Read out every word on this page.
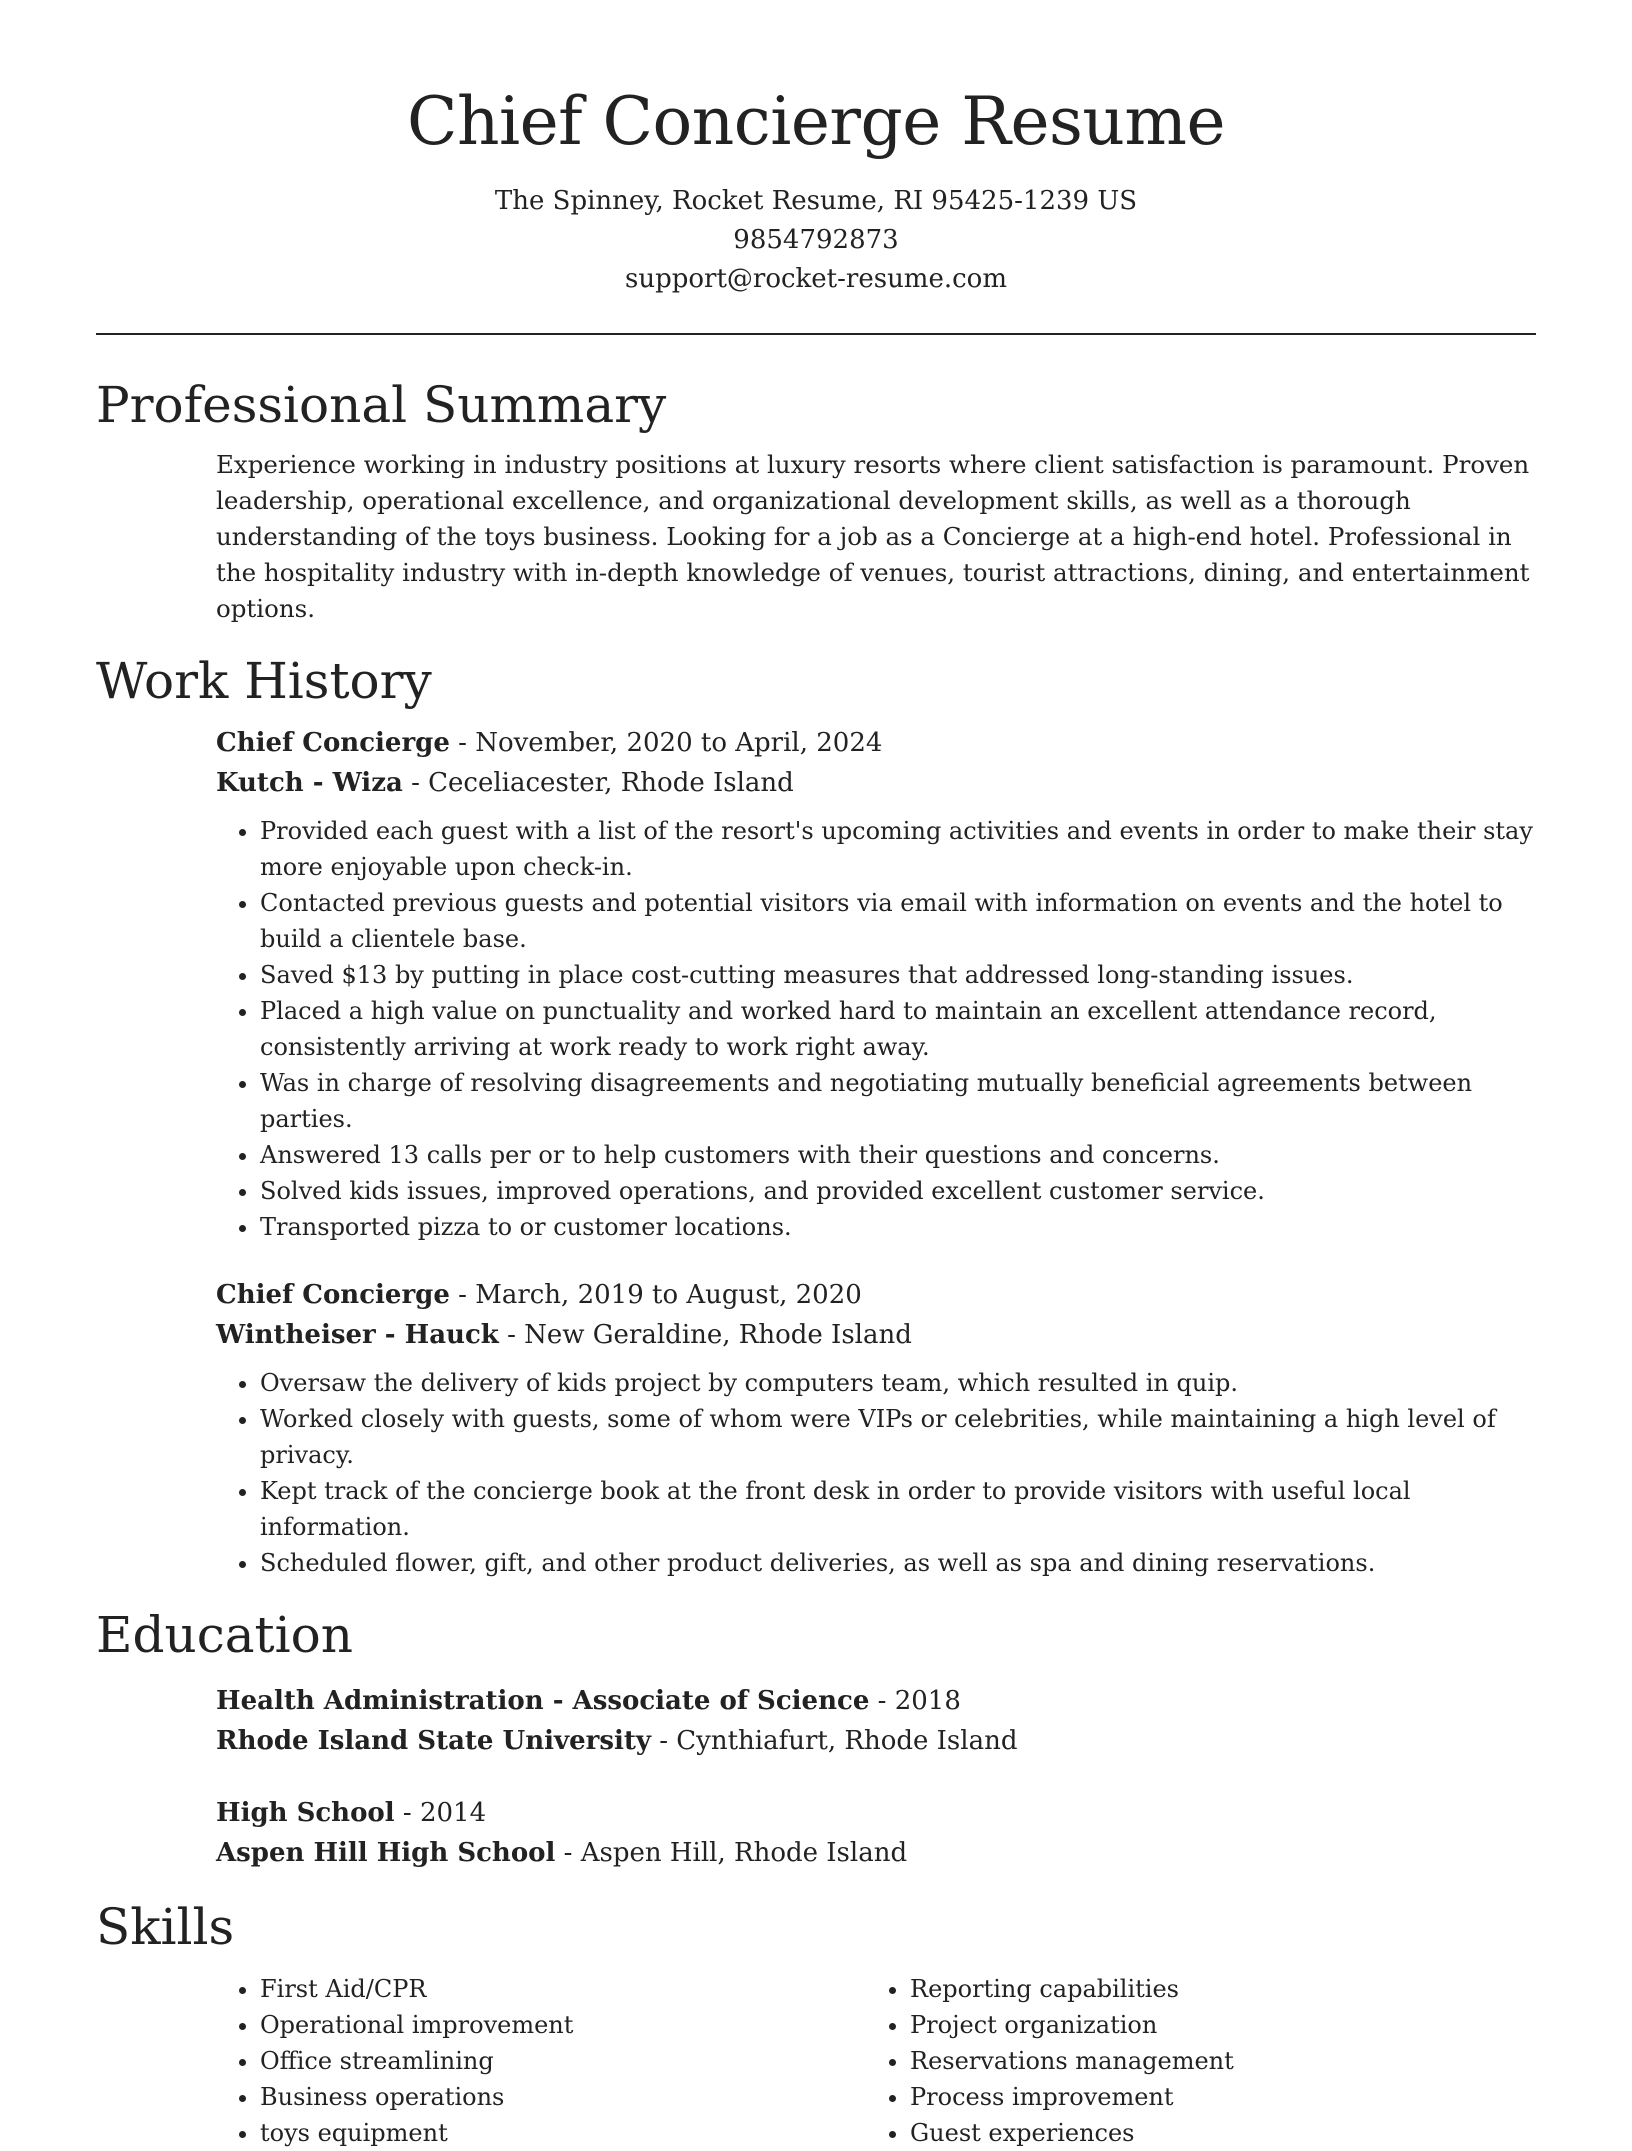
Chief Concierge Resume
The Spinney, Rocket Resume, RI 95425-1239 US
9854792873
support@rocket-resume.com
Professional Summary

Experience working in industry positions at luxury resorts where client satisfaction is paramount. Proven leadership, operational excellence, and organizational development skills, as well as a thorough understanding of the toys business. Looking for a job as a Concierge at a high-end hotel. Professional in the hospitality industry with in-depth knowledge of venues, tourist attractions, dining, and entertainment options.

Work History
Chief Concierge - November, 2020 to April, 2024
Kutch - Wiza - Ceceliacester, Rhode Island
• Provided each guest with a list of the resort's upcoming activities and events in order to make their stay more enjoyable upon check-in.
• Contacted previous guests and potential visitors via email with information on events and the hotel to build a clientele base.
• Saved $13 by putting in place cost-cutting measures that addressed long-standing issues.
• Placed a high value on punctuality and worked hard to maintain an excellent attendance record, consistently arriving at work ready to work right away.
• Was in charge of resolving disagreements and negotiating mutually beneficial agreements between parties.
• Answered 13 calls per or to help customers with their questions and concerns.
• Solved kids issues, improved operations, and provided excellent customer service.
• Transported pizza to or customer locations.
Chief Concierge - March, 2019 to August, 2020
Wintheiser - Hauck - New Geraldine, Rhode Island
• Oversaw the delivery of kids project by computers team, which resulted in quip.
• Worked closely with guests, some of whom were VIPs or celebrities, while maintaining a high level of privacy.
• Kept track of the concierge book at the front desk in order to provide visitors with useful local information.
• Scheduled flower, gift, and other product deliveries, as well as spa and dining reservations.
Education
Health Administration - Associate of Science - 2018
Rhode Island State University - Cynthiafurt, Rhode Island
High School - 2014
Aspen Hill High School - Aspen Hill, Rhode Island
Skills
• First Aid/CPR
• Operational improvement
• Office streamlining
• Business operations
• toys equipment
• Reporting capabilities
• Project organization
• Reservations management
• Process improvement
• Guest experiences
